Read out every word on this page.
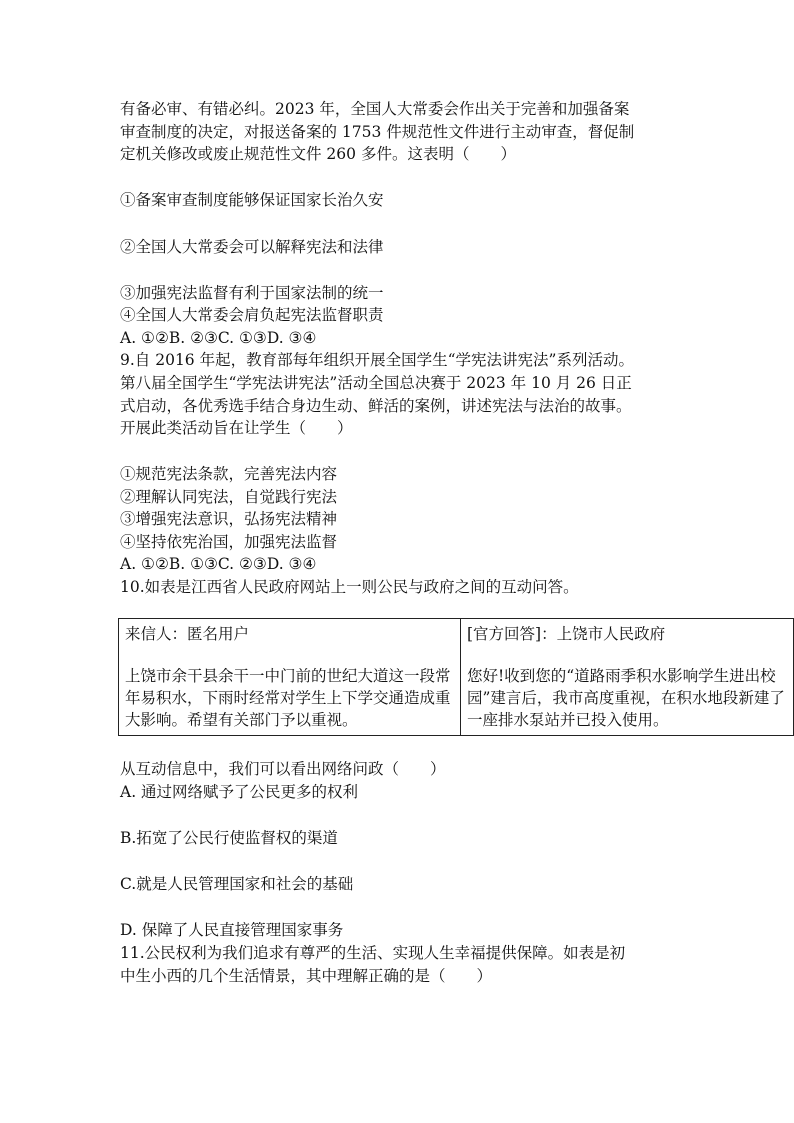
有备必审、有错必纠。2023 年，全国人大常委会作出关于完善和加强备案
审查制度的决定，对报送备案的 1753 件规范性文件进行主动审查，督促制
定机关修改或废止规范性文件 260 多件。这表明（　　）
①备案审查制度能够保证国家长治久安
②全国人大常委会可以解释宪法和法律
③加强宪法监督有利于国家法制的统一
④全国人大常委会肩负起宪法监督职责
A. ①②B. ②③C. ①③D. ③④
9.自 2016 年起，教育部每年组织开展全国学生“学宪法讲宪法”系列活动。
第八届全国学生“学宪法讲宪法”活动全国总决赛于 2023 年 10 月 26 日正
式启动，各优秀选手结合身边生动、鲜活的案例，讲述宪法与法治的故事。
开展此类活动旨在让学生（　　）
①规范宪法条款，完善宪法内容
②理解认同宪法，自觉践行宪法
③增强宪法意识，弘扬宪法精神
④坚持依宪治国，加强宪法监督
A. ①②B. ①③C. ②③D. ③④
10.如表是江西省人民政府网站上一则公民与政府之间的互动问答。
来信人：匿名用户
上饶市余干县余干一中门前的世纪大道这一段常年易积水，下雨时经常对学生上下学交通造成重大影响。希望有关部门予以重视。

[官方回答]：上饶市人民政府
您好!收到您的“道路雨季积水影响学生进出校园”建言后，我市高度重视，在积水地段新建了一座排水泵站并已投入使用。
从互动信息中，我们可以看出网络问政（　　）
A. 通过网络赋予了公民更多的权利
B.拓宽了公民行使监督权的渠道
C.就是人民管理国家和社会的基础
D. 保障了人民直接管理国家事务
11.公民权利为我们追求有尊严的生活、实现人生幸福提供保障。如表是初
中生小西的几个生活情景，其中理解正确的是（　　）
